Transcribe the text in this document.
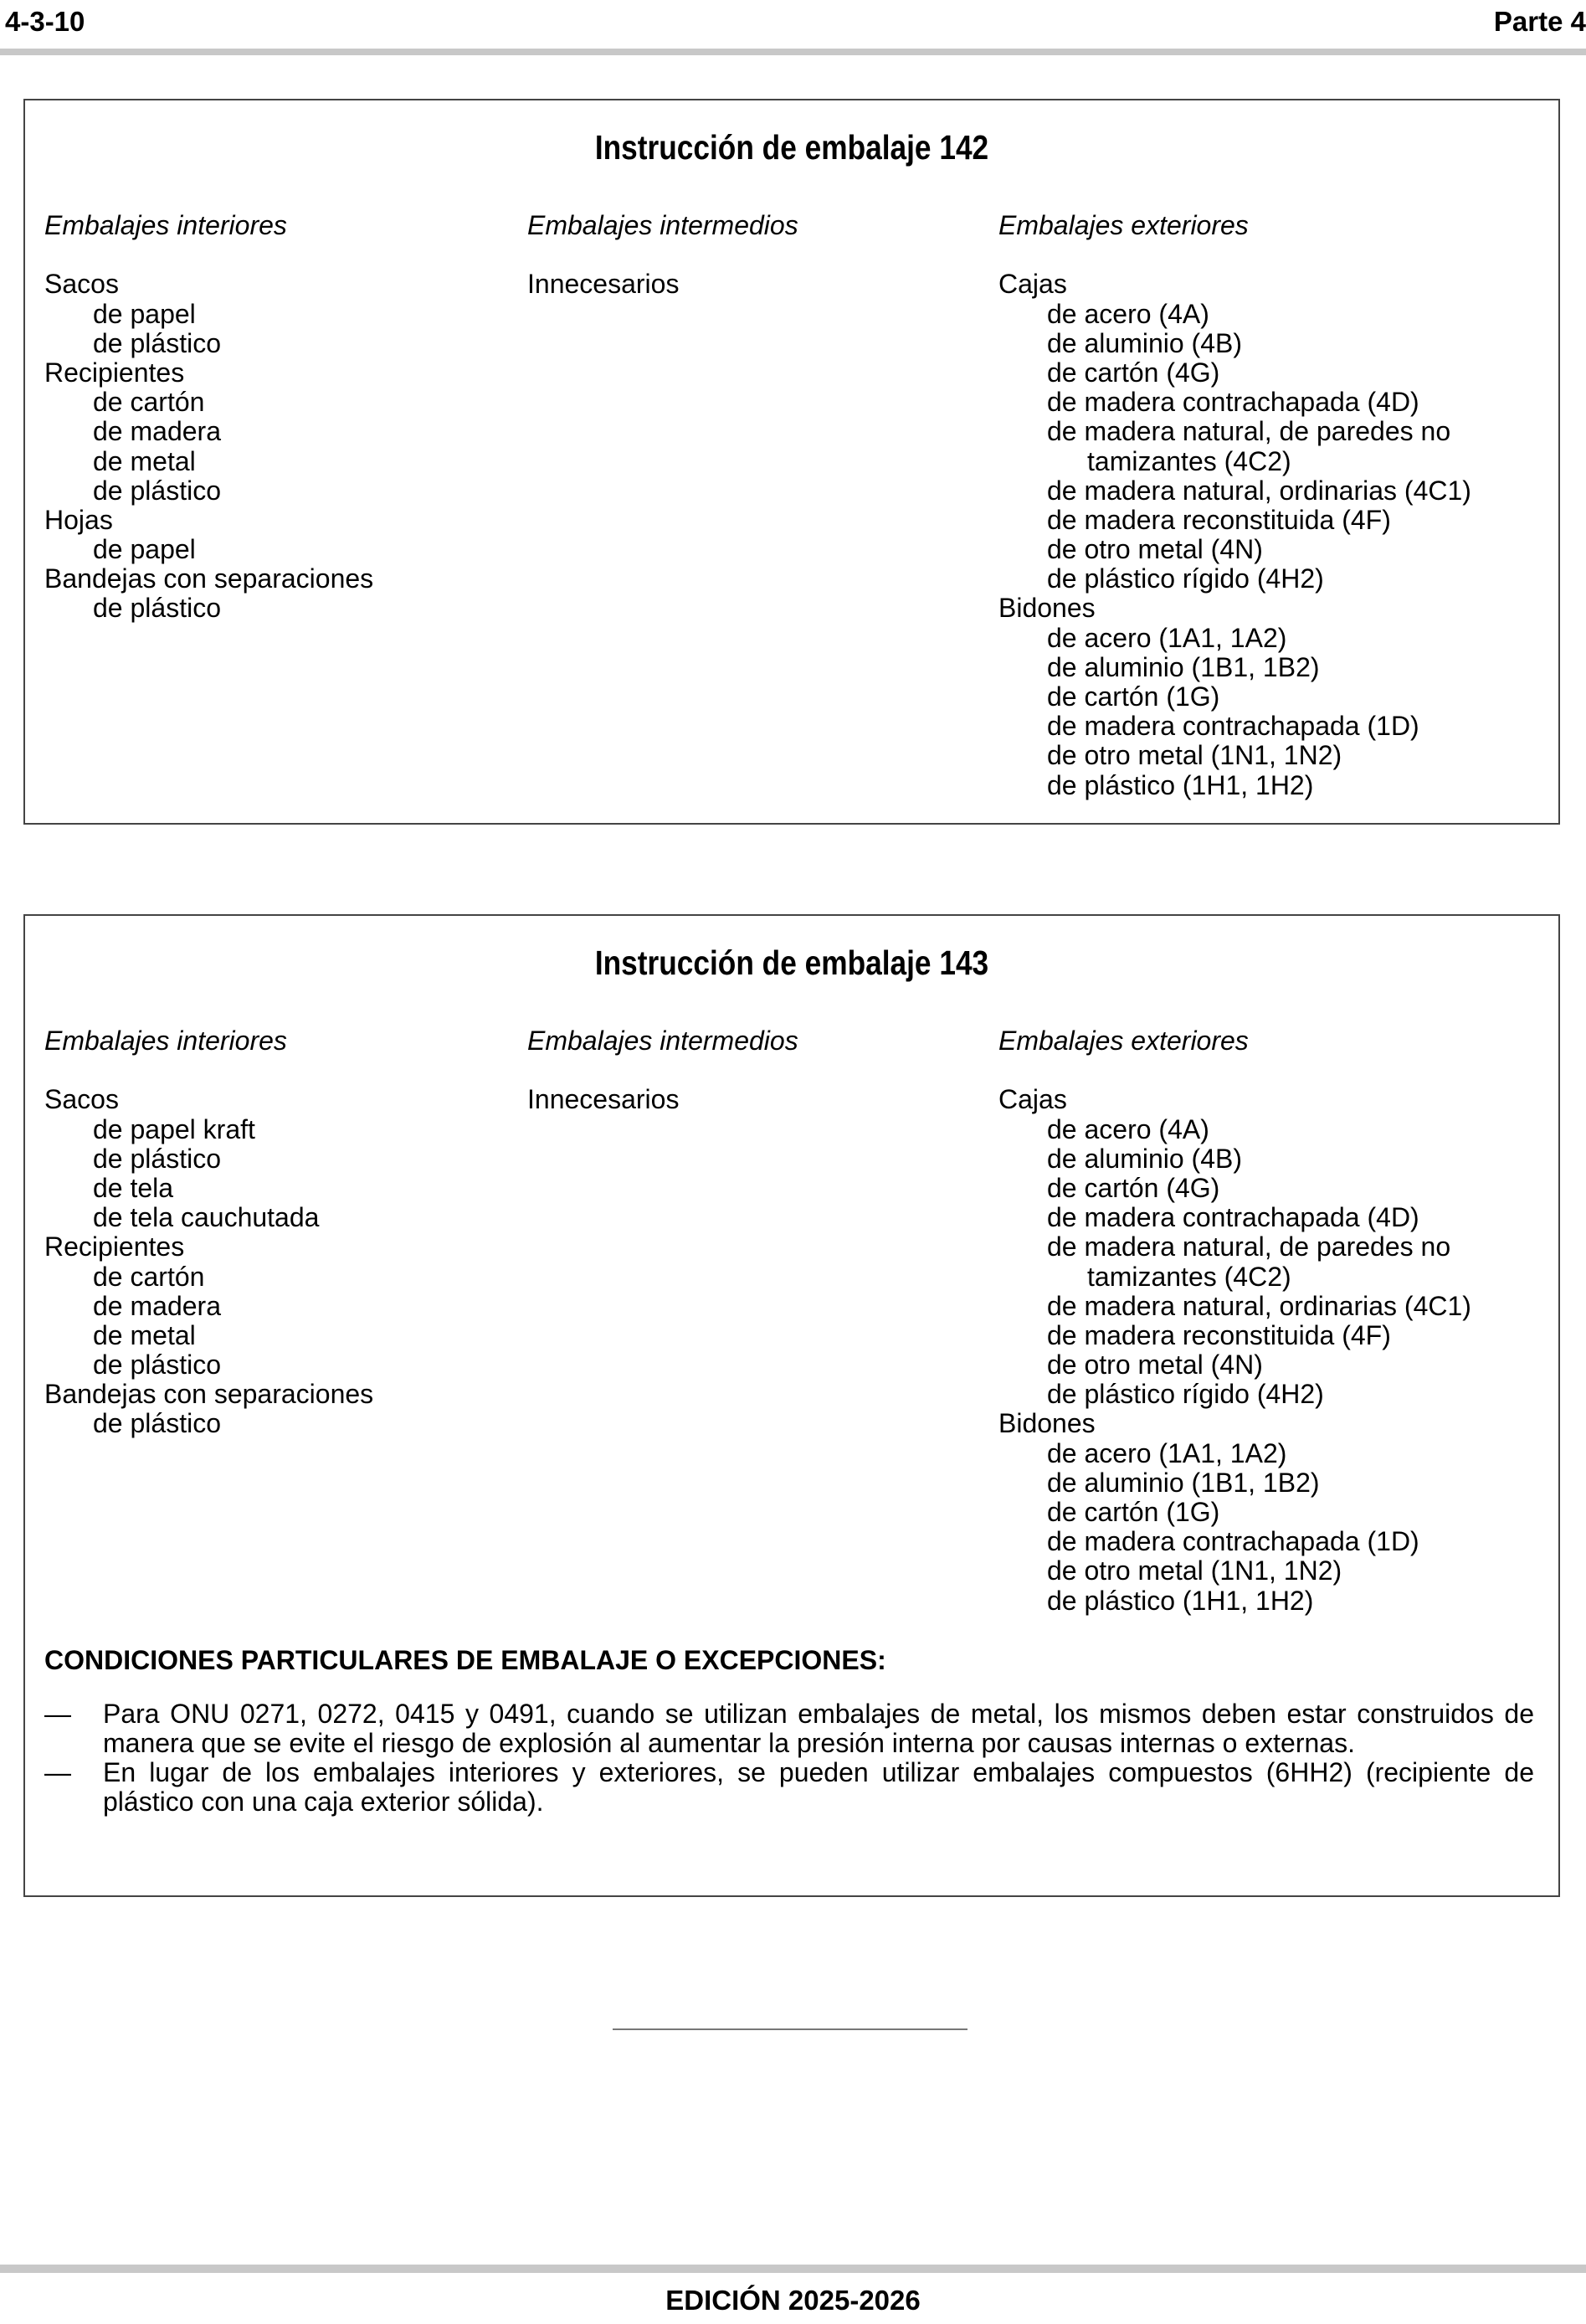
4-3-10	Parte 4
Instrucción de embalaje 142
Embalajes interiores
Sacos
de papel
de plástico
Recipientes
de cartón
de madera
de metal
de plástico
Hojas
de papel
Bandejas con separaciones
de plástico
Embalajes intermedios
Innecesarios
Embalajes exteriores
Cajas
de acero (4A)
de aluminio (4B)
de cartón (4G)
de madera contrachapada (4D)
de madera natural, de paredes no
tamizantes (4C2)
de madera natural, ordinarias (4C1)
de madera reconstituida (4F)
de otro metal (4N)
de plástico rígido (4H2)
Bidones
de acero (1A1, 1A2)
de aluminio (1B1, 1B2)
de cartón (1G)
de madera contrachapada (1D)
de otro metal (1N1, 1N2)
de plástico (1H1, 1H2)
Instrucción de embalaje 143
Embalajes interiores
Sacos
de papel kraft
de plástico
de tela
de tela cauchutada
Recipientes
de cartón
de madera
de metal
de plástico
Bandejas con separaciones
de plástico
Embalajes intermedios
Innecesarios
Embalajes exteriores
Cajas
de acero (4A)
de aluminio (4B)
de cartón (4G)
de madera contrachapada (4D)
de madera natural, de paredes no
tamizantes (4C2)
de madera natural, ordinarias (4C1)
de madera reconstituida (4F)
de otro metal (4N)
de plástico rígido (4H2)
Bidones
de acero (1A1, 1A2)
de aluminio (1B1, 1B2)
de cartón (1G)
de madera contrachapada (1D)
de otro metal (1N1, 1N2)
de plástico (1H1, 1H2)
CONDICIONES PARTICULARES DE EMBALAJE O EXCEPCIONES:
— Para ONU 0271, 0272, 0415 y 0491, cuando se utilizan embalajes de metal, los mismos deben estar construidos de manera que se evite el riesgo de explosión al aumentar la presión interna por causas internas o externas.
— En lugar de los embalajes interiores y exteriores, se pueden utilizar embalajes compuestos (6HH2) (recipiente de plástico con una caja exterior sólida).
EDICIÓN 2025-2026
